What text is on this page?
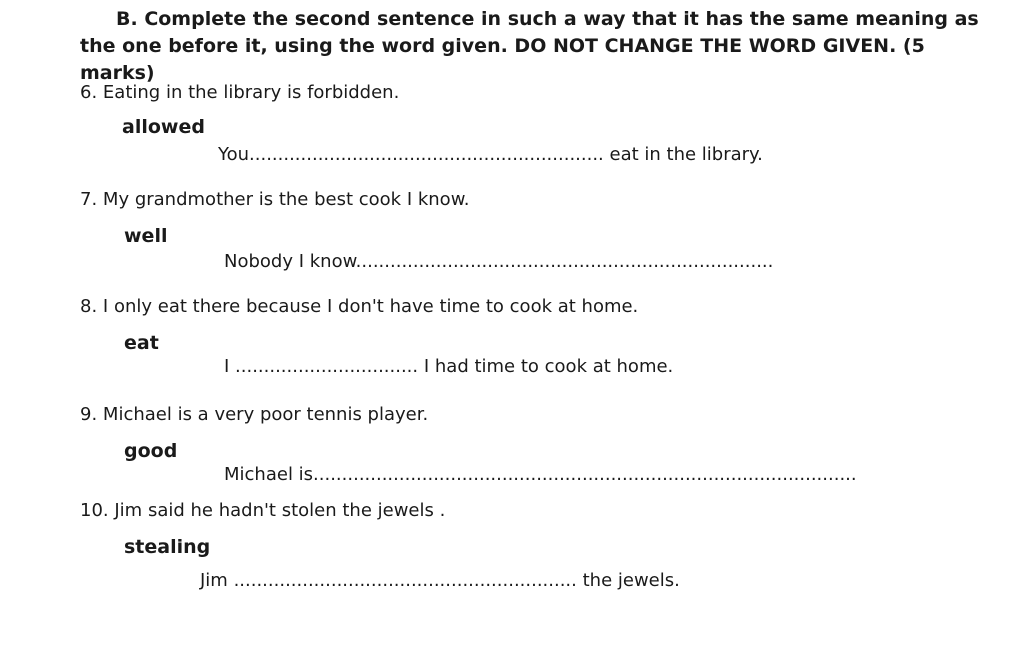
B. Complete the second sentence in such a way that it has the same meaning as the one before it, using the word given. DO NOT CHANGE THE WORD GIVEN. (5 marks)
6. Eating in the library is forbidden.
allowed
You.............................................................. eat in the library.
7. My grandmother is the best cook I know.
well
Nobody I know.........................................................................
8. I only eat there because I don't have time to cook at home.
eat
I ................................ I had time to cook at home.
9. Michael is a very poor tennis player.
good
Michael is...............................................................................................
10. Jim said he hadn't stolen the jewels .
stealing
Jim ............................................................ the jewels.
